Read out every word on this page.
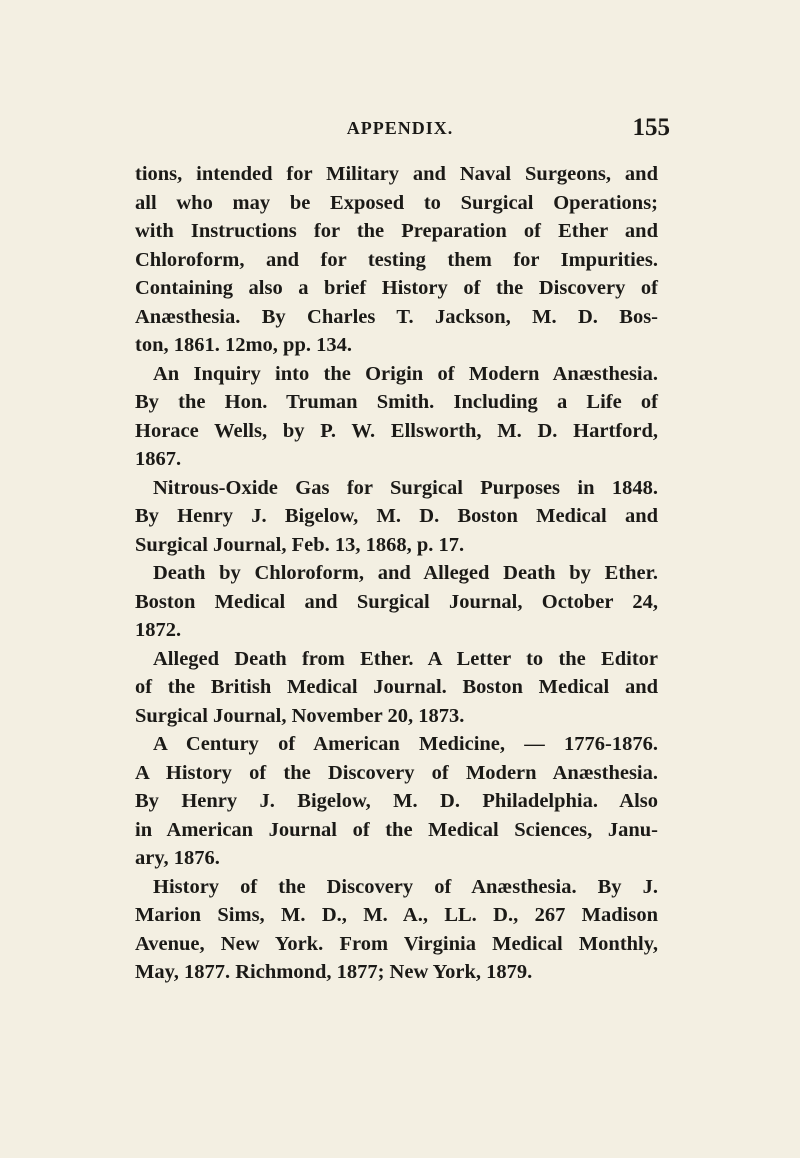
APPENDIX.	155
tions, intended for Military and Naval Surgeons, and
all who may be Exposed to Surgical Operations;
with Instructions for the Preparation of Ether and
Chloroform, and for testing them for Impurities.
Containing also a brief History of the Discovery of
Anæsthesia. By Charles T. Jackson, M. D. Bos-
ton, 1861. 12mo, pp. 134.
An Inquiry into the Origin of Modern Anæsthesia.
By the Hon. Truman Smith. Including a Life of
Horace Wells, by P. W. Ellsworth, M. D. Hartford,
1867.
Nitrous-Oxide Gas for Surgical Purposes in 1848.
By Henry J. Bigelow, M. D. Boston Medical and
Surgical Journal, Feb. 13, 1868, p. 17.
Death by Chloroform, and Alleged Death by Ether.
Boston Medical and Surgical Journal, October 24,
1872.
Alleged Death from Ether. A Letter to the Editor
of the British Medical Journal. Boston Medical and
Surgical Journal, November 20, 1873.
A Century of American Medicine, — 1776-1876.
A History of the Discovery of Modern Anæsthesia.
By Henry J. Bigelow, M. D. Philadelphia. Also
in American Journal of the Medical Sciences, Janu-
ary, 1876.
History of the Discovery of Anæsthesia. By J.
Marion Sims, M. D., M. A., LL. D., 267 Madison
Avenue, New York. From Virginia Medical Monthly,
May, 1877. Richmond, 1877; New York, 1879.
